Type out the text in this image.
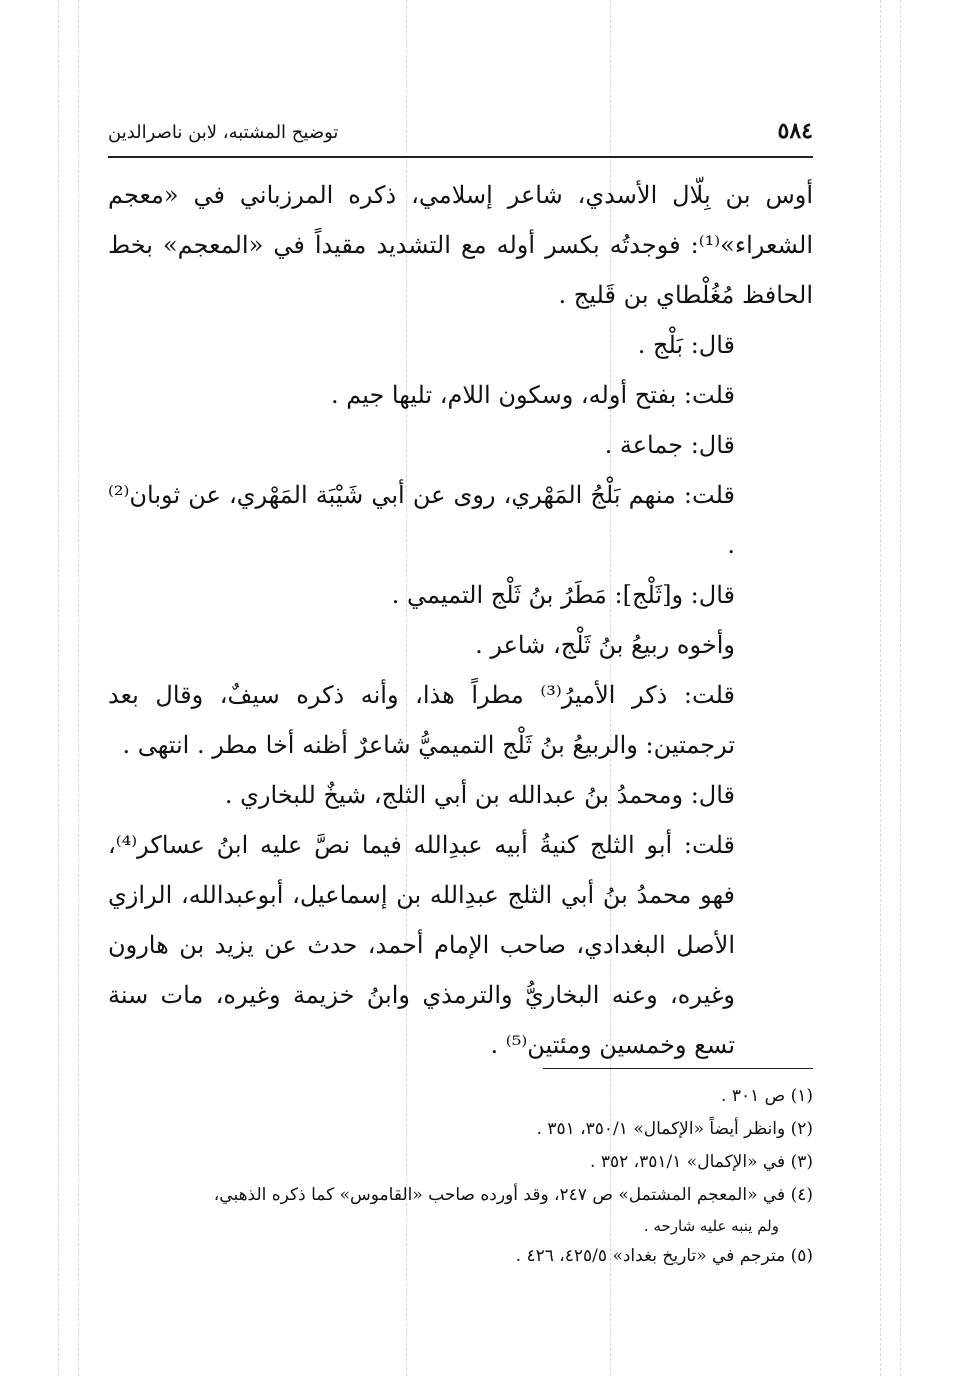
٥٨٤
توضيح المشتبه، لابن ناصرالدين

أوس بن بِلّال الأسدي، شاعر إسلامي، ذكره المرزباني في «معجم الشعراء»⁽¹⁾: فوجدتُه بكسر أوله مع التشديد مقيداً في «المعجم» بخط الحافظ مُغُلْطاي بن قَليج .

قال: بَلْج .

قلت: بفتح أوله، وسكون اللام، تليها جيم .

قال: جماعة .

قلت: منهم بَلْجُ المَهْري، روى عن أبي شَيْبَة المَهْري، عن ثوبان⁽²⁾ .

قال: و[ثَلْج]: مَطَرُ بنُ ثَلْج التميمي .

وأخوه ربيعُ بنُ ثَلْج، شاعر .

قلت: ذكر الأميرُ⁽³⁾ مطراً هذا، وأنه ذكره سيفٌ، وقال بعد ترجمتين: والربيعُ بنُ ثَلْج التميميُّ شاعرٌ أظنه أخا مطر . انتهى .

قال: ومحمدُ بنُ عبدالله بن أبي الثلج، شيخٌ للبخاري .

قلت: أبو الثلج كنيةُ أبيه عبدِالله فيما نصَّ عليه ابنُ عساكر⁽⁴⁾، فهو محمدُ بنُ أبي الثلج عبدِالله بن إسماعيل، أبوعبدالله، الرازي الأصل البغدادي، صاحب الإمام أحمد، حدث عن يزيد بن هارون وغيره، وعنه البخاريُّ والترمذي وابنُ خزيمة وغيره، مات سنة تسع وخمسين ومئتين⁽⁵⁾ .

(١) ص ٣٠١ .

(٢) وانظر أيضاً «الإكمال» ٣٥٠/١، ٣٥١ .

(٣) في «الإكمال» ٣٥١/١، ٣٥٢ .

(٤) في «المعجم المشتمل» ص ٢٤٧، وقد أورده صاحب «القاموس» كما ذكره الذهبي،

ولم ينبه عليه شارحه .

(٥) مترجم في «تاريخ بغداد» ٤٢٥/٥، ٤٢٦ .
